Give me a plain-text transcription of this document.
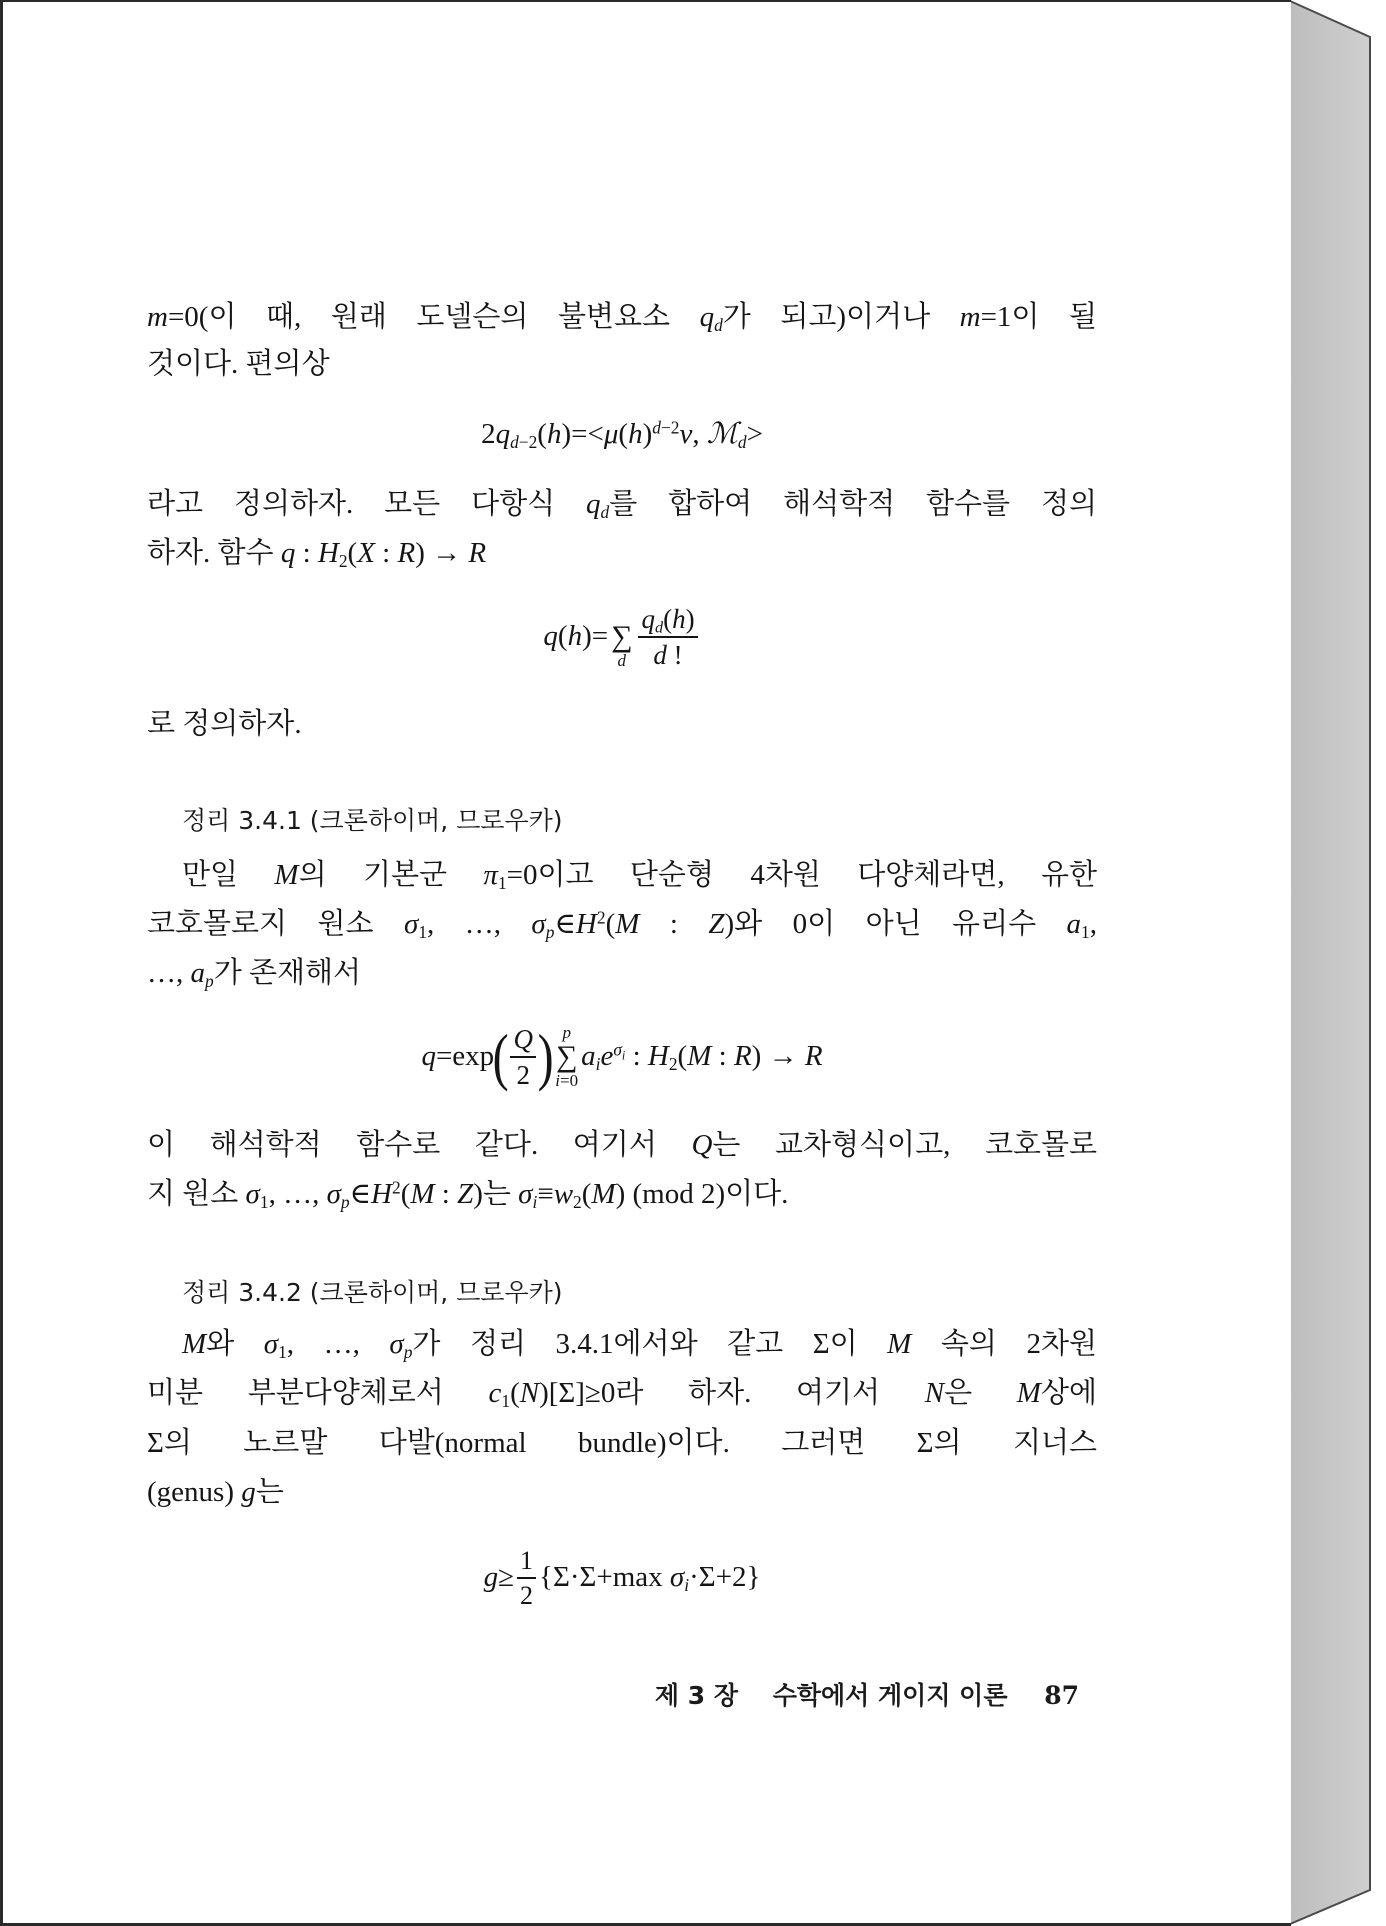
m=0(이 때, 원래 도넬슨의 불변요소 qd가 되고)이거나 m=1이 될
것이다. 편의상
$2qd-2(h)=<\mu(h)^{d-2}\nu$, ℳd>
라고 정의하자. 모든 다항식 qd를 합하여 해석학적 함수를 정의
하자. 함수 q : H2(X : R) → R
q(h)= ∑
d $\frac{qd(h)}{d !}$
로 정의하자.
정리 3.4.1 (크론하이머, 므로우카)
만일 M의 기본군 π1=0이고 단순형 4차원 다양체라면, 유한
코호몰로지 원소 σ1, …, $\sigma p\in H^2(M$ : Z)와 0이 아닌 유리수 a1,
…, ap가 존재해서
q=exp
( $\frac{Q}{2}$ ) p
∑
i=0
aie$^\sigma$i : H2(M : R) → R
이 해석학적 함수로 같다. 여기서 Q는 교차형식이고, 코호몰로
지 원소 σ1, …, $\sigma p\in H^2(M$ : Z)는 σi≡w2(M) (mod 2)이다.
정리 3.4.2 (크론하이머, 므로우카)
M와 σ1, …, σp가 정리 3.4.1에서와 같고 Σ이 M 속의 2차원
미분 부분다양체로서 c1(N)[Σ]≥0라 하자. 여기서 N은 M상에
Σ의 노르말 다발(normal bundle)이다. 그러면 Σ의 지너스
(genus) g는
$g\ge \frac{1}{2} \{\Sigma\cdot\Sigma+\max$ σi·Σ+2}
제 3 장 수학에서 게이지 이론 87
